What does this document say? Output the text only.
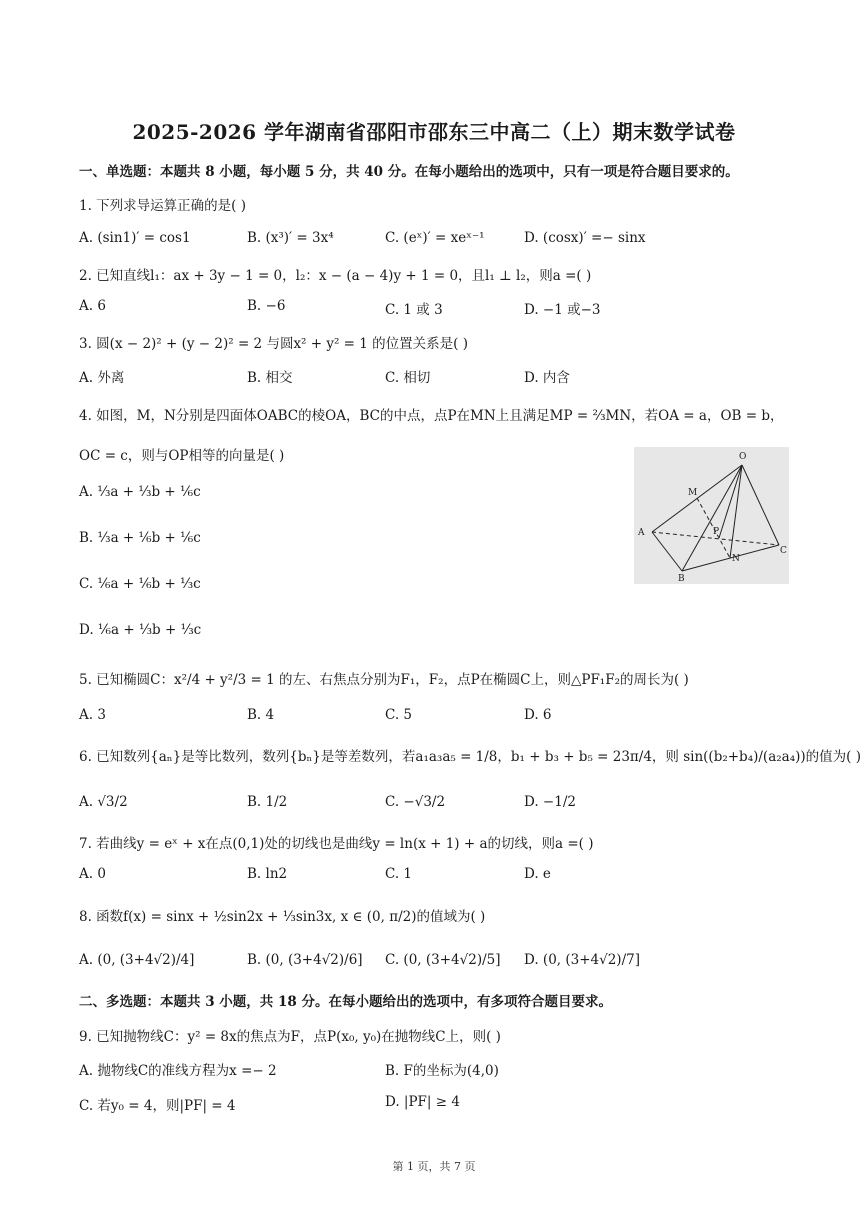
2025-2026 学年湖南省邵阳市邵东三中高二（上）期末数学试卷
一、单选题：本题共 8 小题，每小题 5 分，共 40 分。在每小题给出的选项中，只有一项是符合题目要求的。
1. 下列求导运算正确的是( )
A. (sin1)′ = cos1	B. (x³)′ = 3x⁴	C. (eˣ)′ = xeˣ⁻¹	D. (cosx)′ =− sinx
2. 已知直线l₁：ax + 3y − 1 = 0，l₂：x − (a − 4)y + 1 = 0，且l₁ ⊥ l₂，则a =( )
A. 6	B. −6	C. 1 或 3	D. −1 或−3
3. 圆(x − 2)² + (y − 2)² = 2 与圆x² + y² = 1 的位置关系是( )
A. 外离	B. 相交	C. 相切	D. 内含
4. 如图，M，N分别是四面体OABC的棱OA，BC的中点，点P在MN上且满足MP = ⅔MN，若OA = a，OB = b，
OC = c，则与OP相等的向量是( )
A. ⅓a + ⅓b + ⅙c
B. ⅓a + ⅙b + ⅙c
C. ⅙a + ⅙b + ⅓c
D. ⅙a + ⅓b + ⅓c
O
M
A	P
N
C
B
5. 已知椭圆C：x²/4 + y²/3 = 1 的左、右焦点分别为F₁，F₂，点P在椭圆C上，则△PF₁F₂的周长为( )
A. 3	B. 4	C. 5	D. 6
6. 已知数列{aₙ}是等比数列，数列{bₙ}是等差数列，若a₁a₃a₅ = 1/8，b₁ + b₃ + b₅ = 23π/4，则 sin((b₂+b₄)/(a₂a₄))的值为( )
A. √3/2	B. 1/2	C. −√3/2	D. −1/2
7. 若曲线y = eˣ + x在点(0,1)处的切线也是曲线y = ln(x + 1) + a的切线，则a =( )
A. 0	B. ln2	C. 1	D. e
8. 函数f(x) = sinx + ½sin2x + ⅓sin3x, x ∈ (0, π/2)的值域为( )
A. (0, (3+4√2)/4]	B. (0, (3+4√2)/6] C. (0, (3+4√2)/5] D. (0, (3+4√2)/7]
二、多选题：本题共 3 小题，共 18 分。在每小题给出的选项中，有多项符合题目要求。
9. 已知抛物线C：y² = 8x的焦点为F，点P(x₀, y₀)在抛物线C上，则( )
A. 抛物线C的准线方程为x =− 2	B. F的坐标为(4,0)
C. 若y₀ = 4，则|PF| = 4	D. |PF| ≥ 4
第 1 页，共 7 页
